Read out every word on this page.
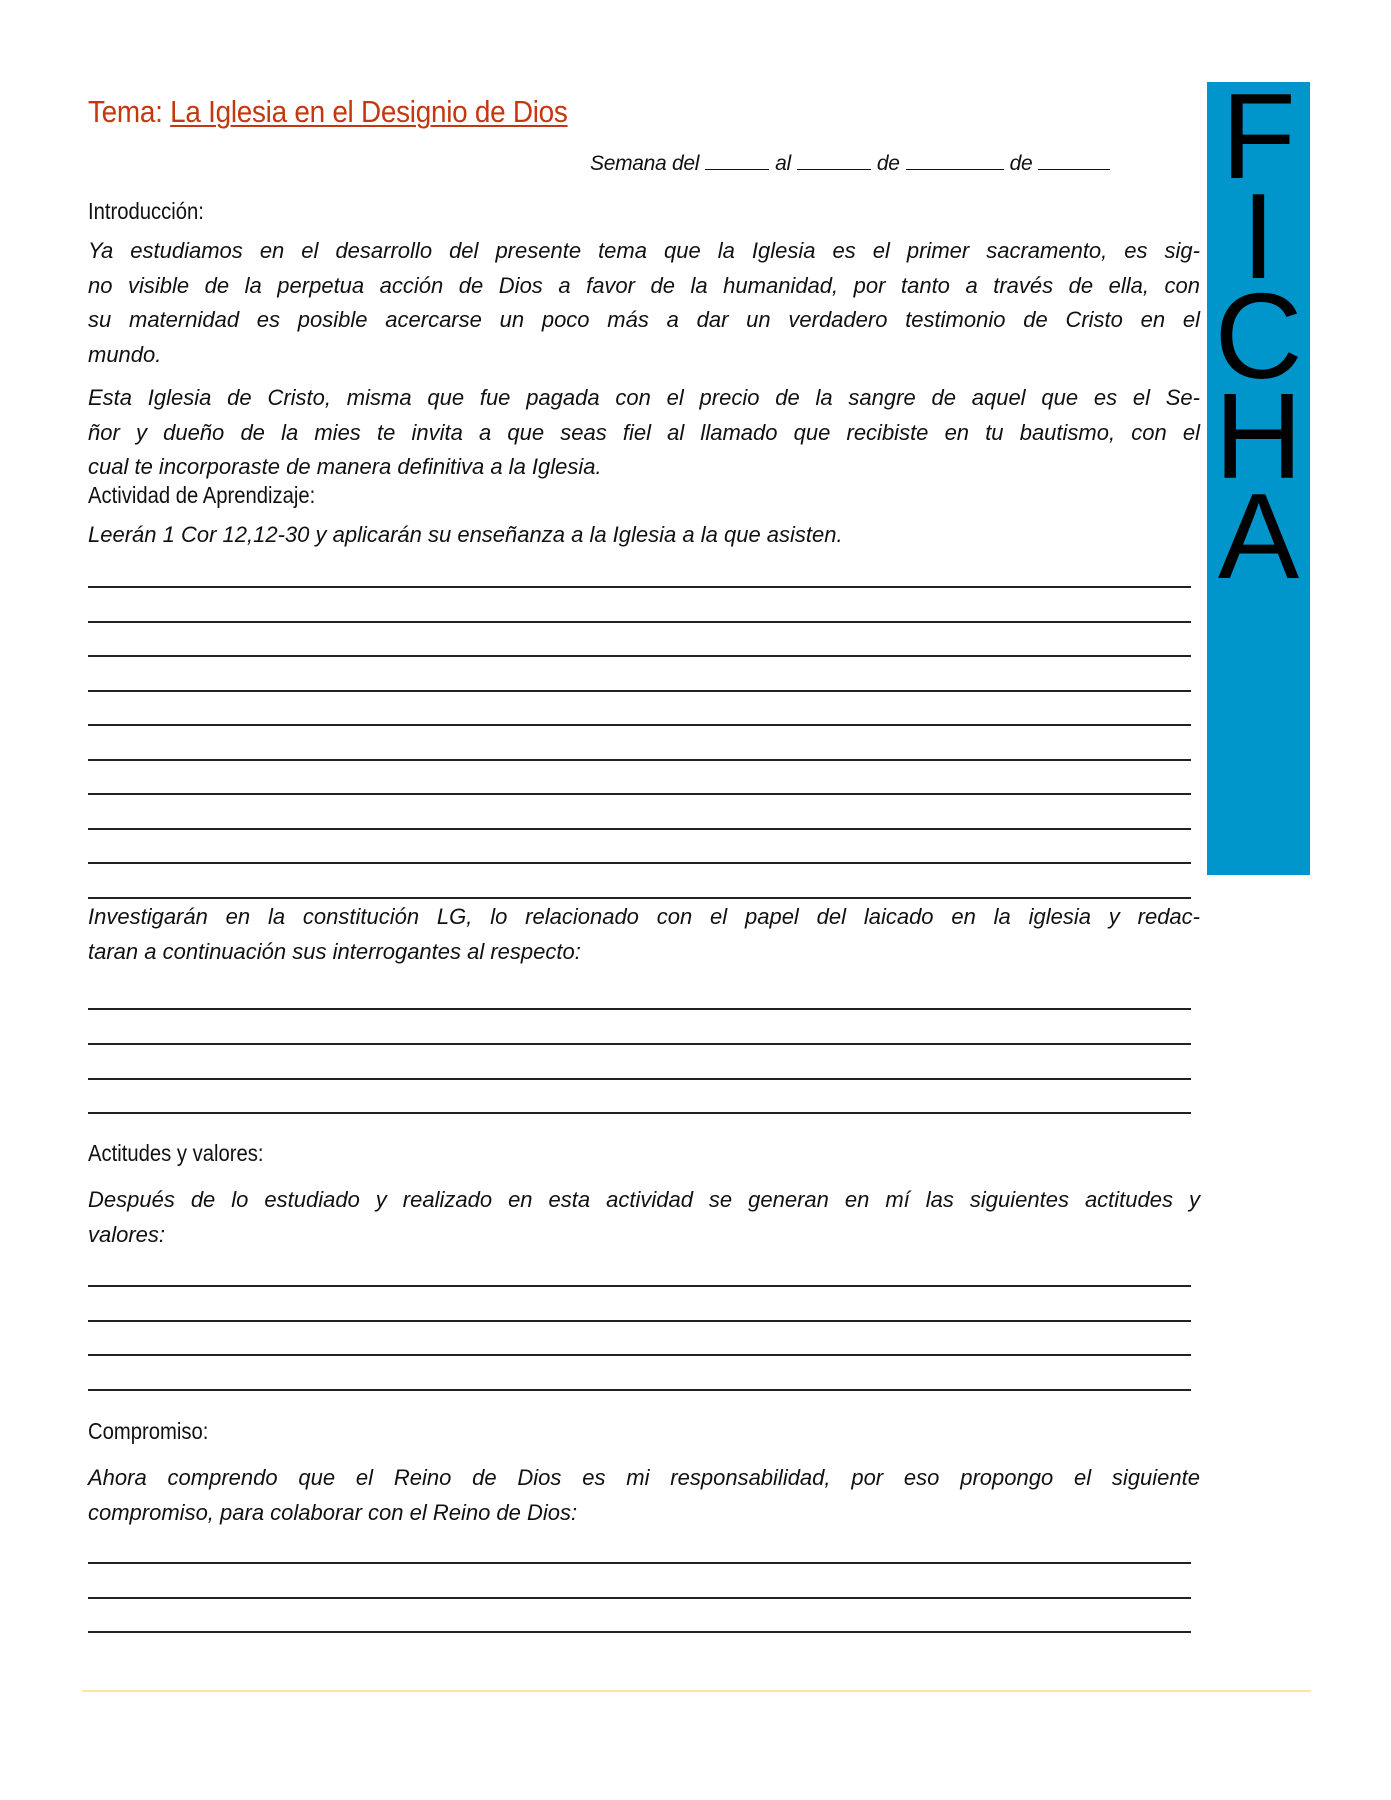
Tema: La Iglesia en el Designio de Dios
Semana del	al	de	de F
I
C
H
A
Introducción:
Ya estudiamos en el desarrollo del presente tema que la Iglesia es el primer sacramento, es sig-
no visible de la perpetua acción de Dios a favor de la humanidad, por tanto a través de ella, con
su maternidad es posible acercarse un poco más a dar un verdadero testimonio de Cristo en el
mundo.
Esta Iglesia de Cristo, misma que fue pagada con el precio de la sangre de aquel que es el Se-
ñor y dueño de la mies te invita a que seas fiel al llamado que recibiste en tu bautismo, con el
cual te incorporaste de manera definitiva a la Iglesia.
Actividad de Aprendizaje:
Leerán 1 Cor 12,12-30 y aplicarán su enseñanza a la Iglesia a la que asisten.
Investigarán en la constitución LG, lo relacionado con el papel del laicado en la iglesia y redac-
taran a continuación sus interrogantes al respecto:
Actitudes y valores:
Después de lo estudiado y realizado en esta actividad se generan en mí las siguientes actitudes y
valores:
Compromiso:
Ahora comprendo que el Reino de Dios es mi responsabilidad, por eso propongo el siguiente
compromiso, para colaborar con el Reino de Dios:
